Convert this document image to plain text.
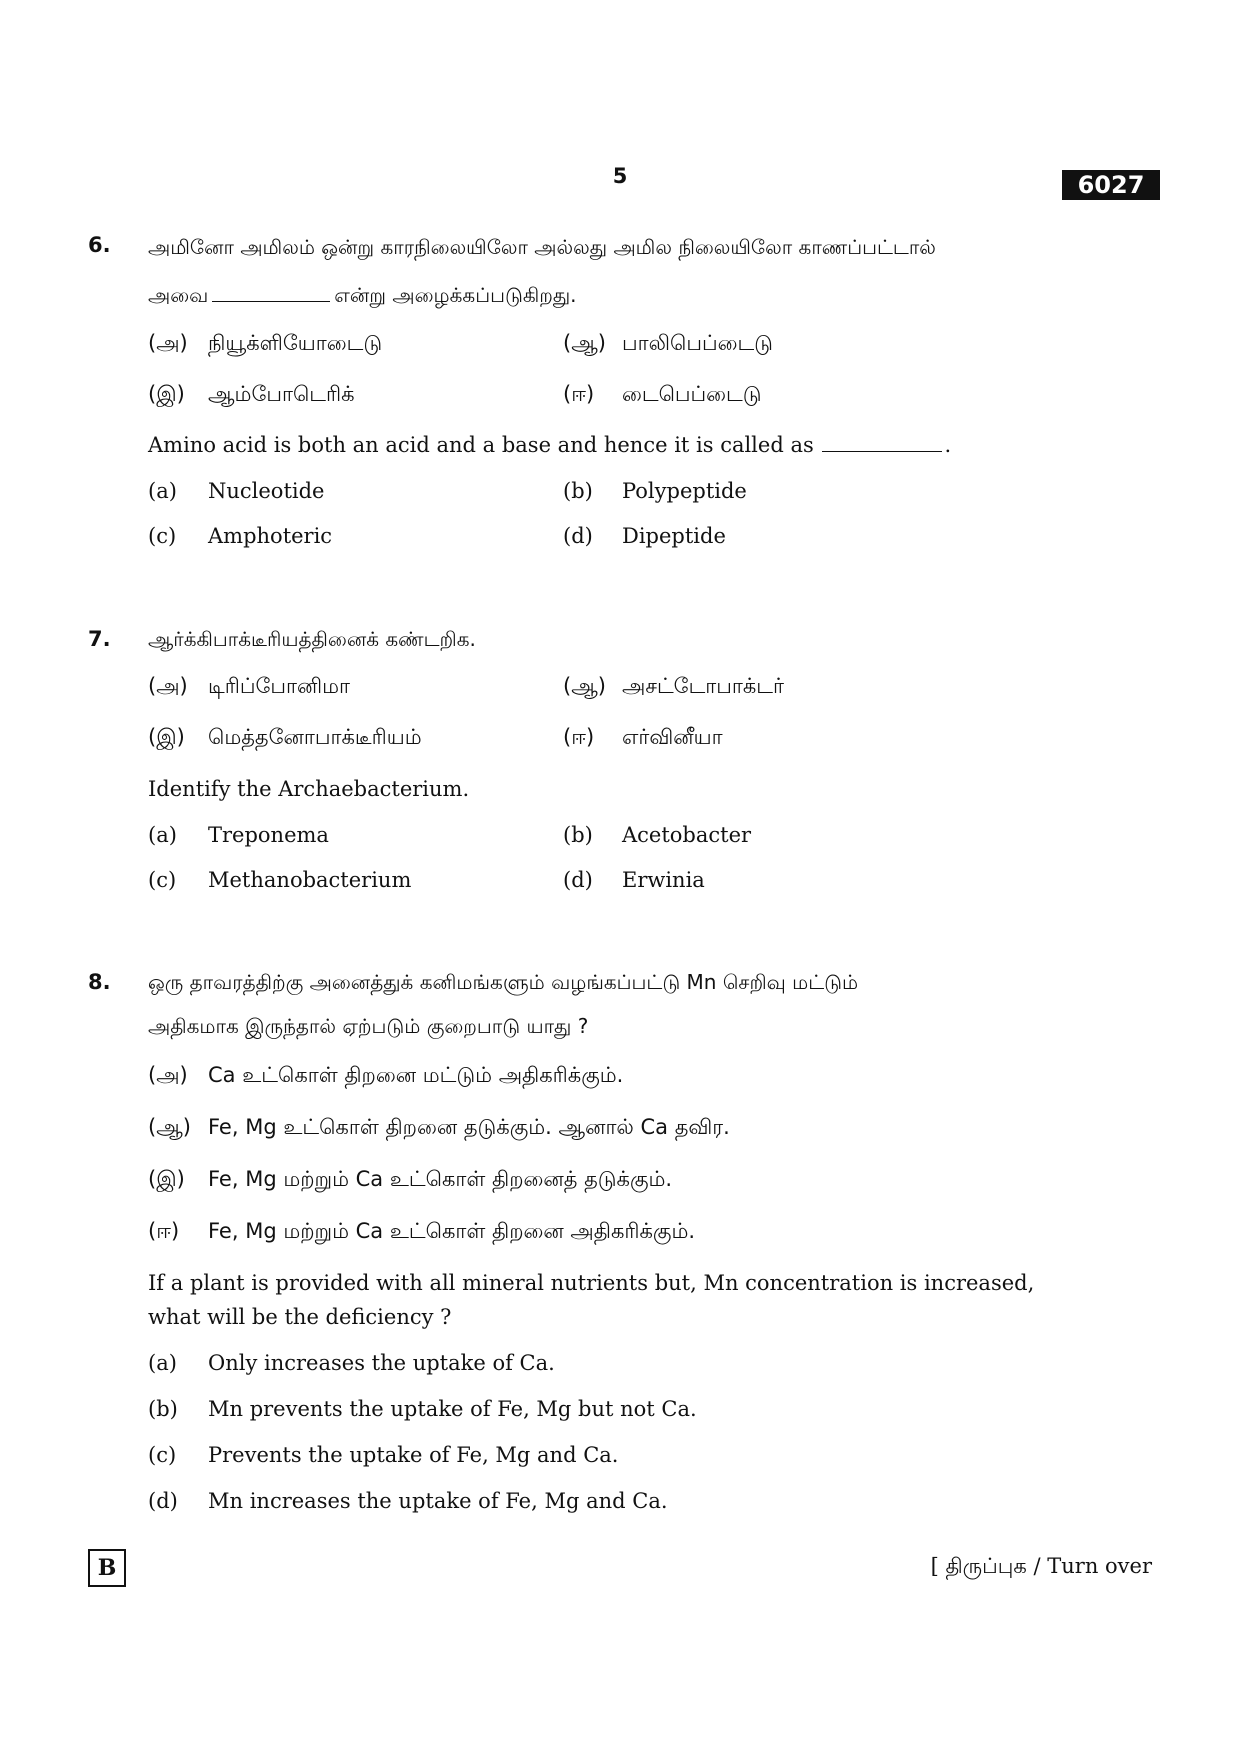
5	6027
6. அமினோ அமிலம் ஒன்று காரநிலையிலோ அல்லது அமில நிலையிலோ காணப்பட்டால்
அவை	என்று அழைக்கப்படுகிறது.
(அ) நியூக்ளியோடைடு	(ஆ) பாலிபெப்டைடு
(இ) ஆம்போடெரிக்	(ஈ) டைபெப்டைடு
Amino acid is both an acid and a base and hence it is called as	.
(a) Nucleotide	(b) Polypeptide
(c) Amphoteric	(d) Dipeptide
7. ஆர்க்கிபாக்டீரியத்தினைக் கண்டறிக.
(அ) டிரிப்போனிமா	(ஆ) அசட்டோபாக்டர்
(இ) மெத்தனோபாக்டீரியம்	(ஈ) எர்வினீயா
Identify the Archaebacterium.
(a) Treponema	(b) Acetobacter
(c) Methanobacterium	(d) Erwinia
8. ஒரு தாவரத்திற்கு அனைத்துக் கனிமங்களும் வழங்கப்பட்டு Mn செறிவு மட்டும்
அதிகமாக இருந்தால் ஏற்படும் குறைபாடு யாது ?
(அ) Ca உட்கொள் திறனை மட்டும் அதிகரிக்கும்.
(ஆ) Fe, Mg உட்கொள் திறனை தடுக்கும். ஆனால் Ca தவிர.
(இ) Fe, Mg மற்றும் Ca உட்கொள் திறனைத் தடுக்கும்.
(ஈ) Fe, Mg மற்றும் Ca உட்கொள் திறனை அதிகரிக்கும்.
If a plant is provided with all mineral nutrients but, Mn concentration is increased,
what will be the deficiency ?
(a) Only increases the uptake of Ca.
(b) Mn prevents the uptake of Fe, Mg but not Ca.
(c) Prevents the uptake of Fe, Mg and Ca.
(d) Mn increases the uptake of Fe, Mg and Ca.
B	[ திருப்புக / Turn over
